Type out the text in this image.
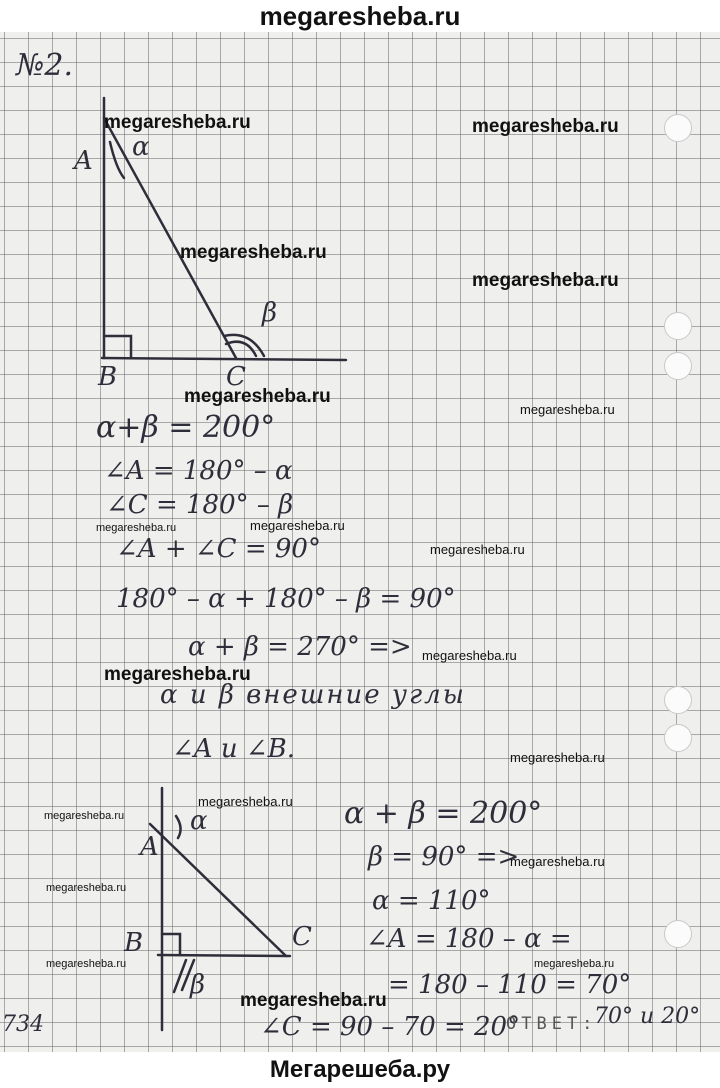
megaresheba.ru
№2.
A α
B	C
β
α+β = 200°
∠A = 180° – α
∠C = 180° – β
∠A + ∠C = 90°
180° – α + 180° – β = 90°
α + β = 270° =>
α и β внешние углы
∠A и ∠B.
A
α
B	C
β
α + β = 200°
β = 90° =>
α = 110°
∠A = 180 – α =
= 180 – 110 = 70°
∠C = 90 – 70 = 20°
ОТВЕТ:
70° и 20°
734
megaresheba.ru	megaresheba.ru
megaresheba.ru
megaresheba.ru
megaresheba.ru
megaresheba.ru
megaresheba.ru	megaresheba.ru
megaresheba.ru
megaresheba.ru
megaresheba.ru
megaresheba.ru
megaresheba.ru
megaresheba.ru
megaresheba.ru
megaresheba.ru
megaresheba.ru	megaresheba.ru
megaresheba.ru
Мегарешеба.ру
